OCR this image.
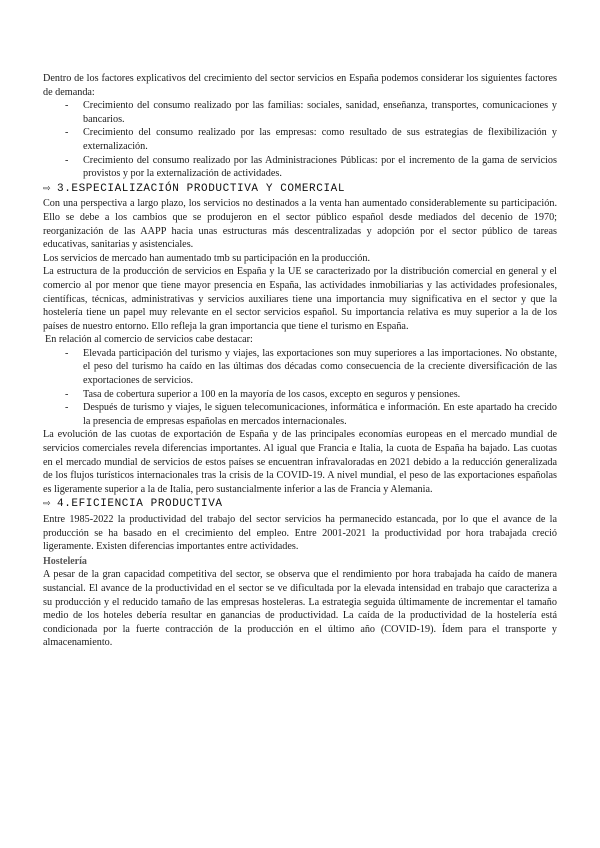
Dentro de los factores explicativos del crecimiento del sector servicios en España podemos considerar los siguientes factores de demanda:

- Crecimiento del consumo realizado por las familias: sociales, sanidad, enseñanza, transportes, comunicaciones y bancarios.
- Crecimiento del consumo realizado por las empresas: como resultado de sus estrategias de flexibilización y externalización.
- Crecimiento del consumo realizado por las Administraciones Públicas: por el incremento de la gama de servicios provistos y por la externalización de actividades.
⇨ 3.ESPECIALIZACIÓN PRODUCTIVA Y COMERCIAL

Con una perspectiva a largo plazo, los servicios no destinados a la venta han aumentado considerablemente su participación. Ello se debe a los cambios que se produjeron en el sector público español desde mediados del decenio de 1970; reorganización de las AAPP hacia unas estructuras más descentralizadas y adopción por el sector público de tareas educativas, sanitarias y asistenciales.

Los servicios de mercado han aumentado tmb su participación en la producción.

La estructura de la producción de servicios en España y la UE se caracterizado por la distribución comercial en general y el comercio al por menor que tiene mayor presencia en España, las actividades inmobiliarias y las actividades profesionales, científicas, técnicas, administrativas y servicios auxiliares tiene una importancia muy significativa en el sector y que la hostelería tiene un papel muy relevante en el sector servicios español. Su importancia relativa es muy superior a la de los países de nuestro entorno. Ello refleja la gran importancia que tiene el turismo en España.

En relación al comercio de servicios cabe destacar:

- Elevada participación del turismo y viajes, las exportaciones son muy superiores a las importaciones. No obstante, el peso del turismo ha caído en las últimas dos décadas como consecuencia de la creciente diversificación de las exportaciones de servicios.
- Tasa de cobertura superior a 100 en la mayoría de los casos, excepto en seguros y pensiones.
- Después de turismo y viajes, le siguen telecomunicaciones, informática e información. En este apartado ha crecido la presencia de empresas españolas en mercados internacionales.

La evolución de las cuotas de exportación de España y de las principales economías europeas en el mercado mundial de servicios comerciales revela diferencias importantes. Al igual que Francia e Italia, la cuota de España ha bajado. Las cuotas en el mercado mundial de servicios de estos países se encuentran infravaloradas en 2021 debido a la reducción generalizada de los flujos turísticos internacionales tras la crisis de la COVID-19. A nivel mundial, el peso de las exportaciones españolas es ligeramente superior a la de Italia, pero sustancialmente inferior a las de Francia y Alemania.

⇨ 4.EFICIENCIA PRODUCTIVA

Entre 1985-2022 la productividad del trabajo del sector servicios ha permanecido estancada, por lo que el avance de la producción se ha basado en el crecimiento del empleo. Entre 2001-2021 la productividad por hora trabajada creció ligeramente. Existen diferencias importantes entre actividades.

Hostelería

A pesar de la gran capacidad competitiva del sector, se observa que el rendimiento por hora trabajada ha caído de manera sustancial. El avance de la productividad en el sector se ve dificultada por la elevada intensidad en trabajo que caracteriza a su producción y el reducido tamaño de las empresas hosteleras. La estrategia seguida últimamente de incrementar el tamaño medio de los hoteles debería resultar en ganancias de productividad. La caída de la productividad de la hostelería está condicionada por la fuerte contracción de la producción en el último año (COVID-19). Ídem para el transporte y almacenamiento.
